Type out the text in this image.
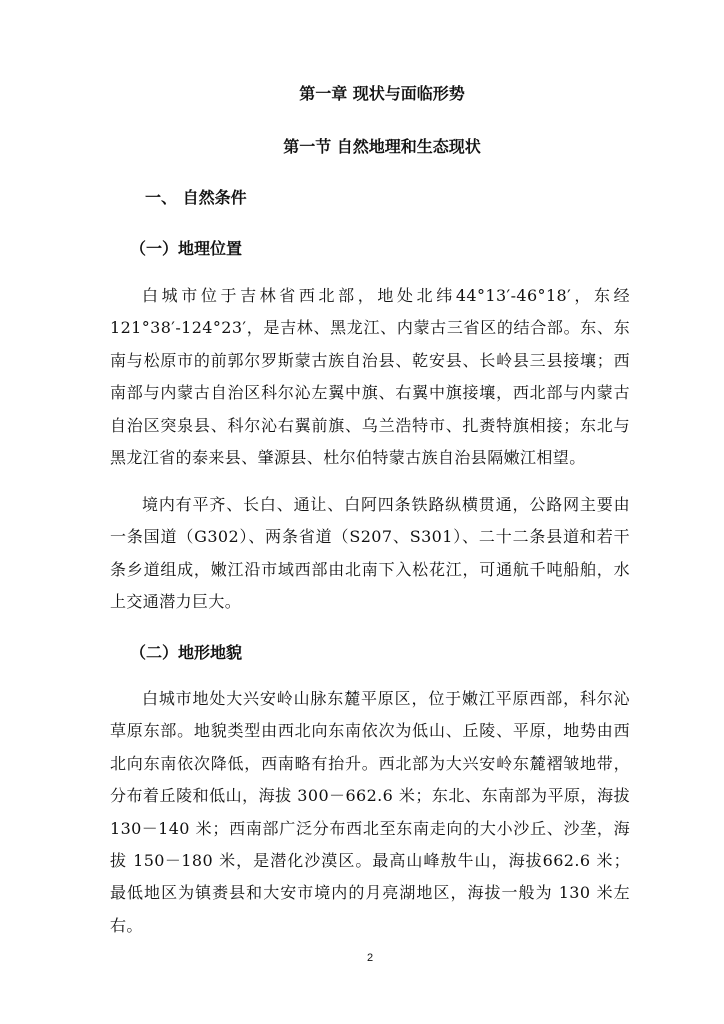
第一章 现状与面临形势
第一节 自然地理和生态现状
一、 自然条件
（一）地理位置
白城市位于吉林省西北部，地处北纬44°13′-46°18′，东经121°38′-124°23′，是吉林、黑龙江、内蒙古三省区的结合部。东、东南与松原市的前郭尔罗斯蒙古族自治县、乾安县、长岭县三县接壤；西南部与内蒙古自治区科尔沁左翼中旗、右翼中旗接壤，西北部与内蒙古自治区突泉县、科尔沁右翼前旗、乌兰浩特市、扎赉特旗相接；东北与黑龙江省的泰来县、肇源县、杜尔伯特蒙古族自治县隔嫩江相望。
境内有平齐、长白、通让、白阿四条铁路纵横贯通，公路网主要由一条国道（G302）、两条省道（S207、S301）、二十二条县道和若干条乡道组成，嫩江沿市域西部由北南下入松花江，可通航千吨船舶，水上交通潜力巨大。
（二）地形地貌
白城市地处大兴安岭山脉东麓平原区，位于嫩江平原西部，科尔沁草原东部。地貌类型由西北向东南依次为低山、丘陵、平原，地势由西北向东南依次降低，西南略有抬升。西北部为大兴安岭东麓褶皱地带，分布着丘陵和低山，海拔 300－662.6 米；东北、东南部为平原，海拔 130－140 米；西南部广泛分布西北至东南走向的大小沙丘、沙垄，海拔 150－180 米，是潜化沙漠区。最高山峰敖牛山，海拔662.6 米；最低地区为镇赉县和大安市境内的月亮湖地区，海拔一般为 130 米左右。
2
